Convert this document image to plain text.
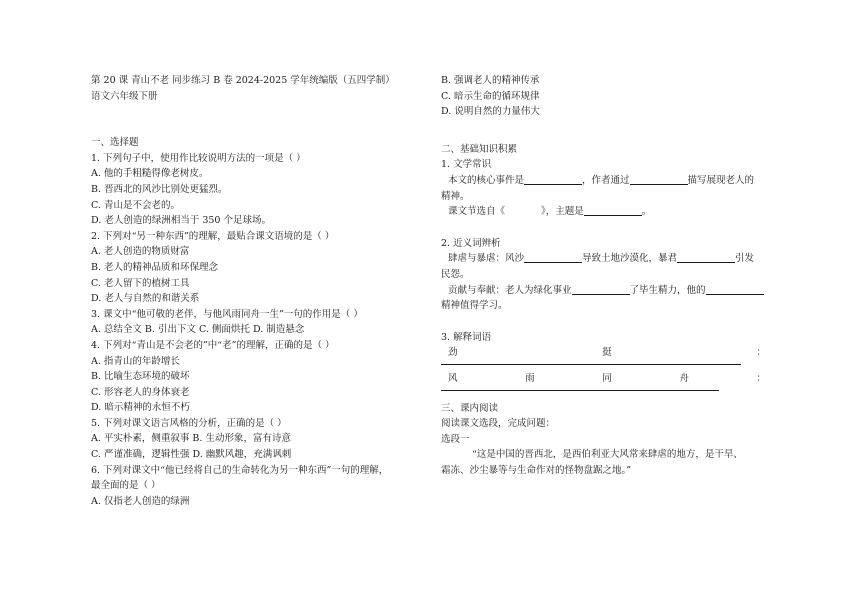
第 20 课 青山不老 同步练习 B 卷 2024-2025 学年统编版（五四学制）

语文六年级下册

一、选择题

1. 下列句子中，使用作比较说明方法的一项是（ ）

A. 他的手粗糙得像老树皮。

B. 晋西北的风沙比别处更猛烈。

C. 青山是不会老的。

D. 老人创造的绿洲相当于 350 个足球场。

2. 下列对“另一种东西”的理解，最贴合课文语境的是（ ）

A. 老人创造的物质财富

B. 老人的精神品质和环保理念

C. 老人留下的植树工具

D. 老人与自然的和谐关系

3. 课文中“他可敬的老伴，与他风雨同舟一生”一句的作用是（ ）

A. 总结全文 B. 引出下文 C. 侧面烘托 D. 制造悬念

4. 下列对“青山是不会老的”中“老”的理解，正确的是（ ）

A. 指青山的年龄增长

B. 比喻生态环境的破坏

C. 形容老人的身体衰老

D. 暗示精神的永恒不朽

5. 下列对课文语言风格的分析，正确的是（ ）

A. 平实朴素，侧重叙事 B. 生动形象，富有诗意

C. 严谨准确，逻辑性强 D. 幽默风趣，充满讽刺

6. 下列对课文中“他已经将自己的生命转化为另一种东西”一句的理解，

最全面的是（ ）

A. 仅指老人创造的绿洲

B. 强调老人的精神传承

C. 暗示生命的循环规律

D. 说明自然的力量伟大

二、基础知识积累

1. 文学常识

本文的核心事件是	，作者通过	描写展现老人的

精神。

课文节选自《	》，主题是	。

2. 近义词辨析

肆虐与暴虐：风沙	导致土地沙漠化，暴君	引发

民怨。

贡献与奉献：老人为绿化事业	了毕生精力，他的

精神值得学习。

3. 解释词语

劲	挺	：
风	雨	同	舟	：

三、课内阅读

阅读课文选段，完成问题：

选段一

“这是中国的晋西北，是西伯利亚大风常来肆虐的地方，是干旱、

霜冻、沙尘暴等与生命作对的怪物盘踞之地。”
